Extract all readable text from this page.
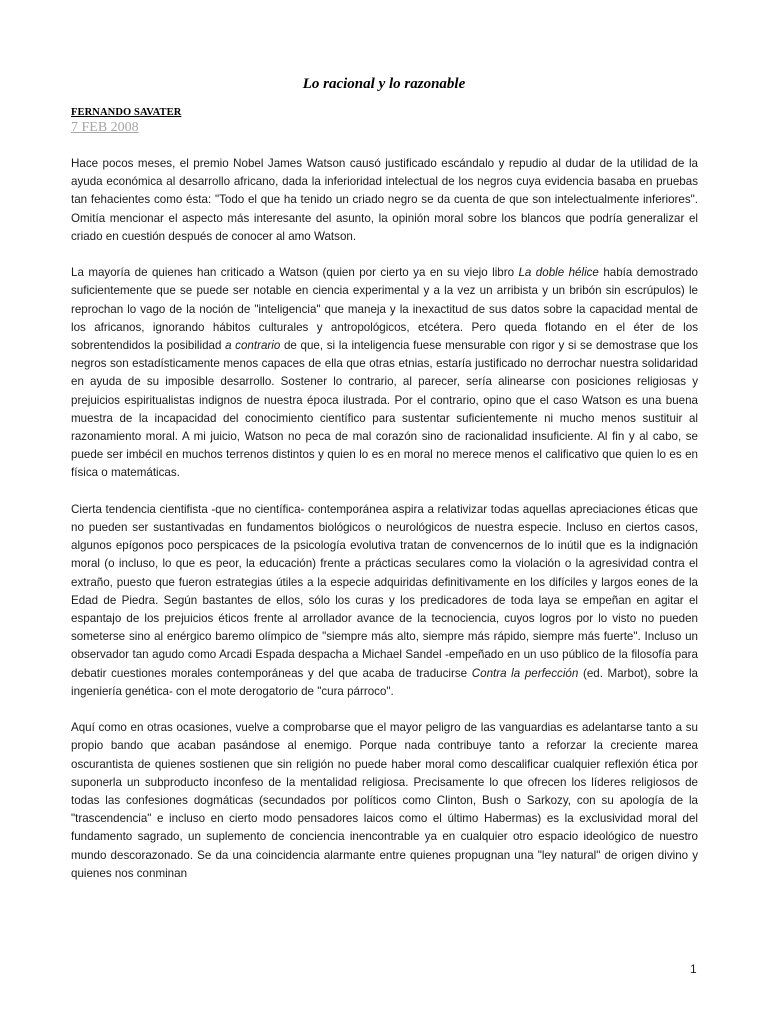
Lo racional y lo razonable
FERNANDO SAVATER
7 FEB 2008

Hace pocos meses, el premio Nobel James Watson causó justificado escándalo y repudio al dudar de la utilidad de la ayuda económica al desarrollo africano, dada la inferioridad intelectual de los negros cuya evidencia basaba en pruebas tan fehacientes como ésta: "Todo el que ha tenido un criado negro se da cuenta de que son intelectualmente inferiores". Omitía mencionar el aspecto más interesante del asunto, la opinión moral sobre los blancos que podría generalizar el criado en cuestión después de conocer al amo Watson.

La mayoría de quienes han criticado a Watson (quien por cierto ya en su viejo libro La doble hélice había demostrado suficientemente que se puede ser notable en ciencia experimental y a la vez un arribista y un bribón sin escrúpulos) le reprochan lo vago de la noción de "inteligencia" que maneja y la inexactitud de sus datos sobre la capacidad mental de los africanos, ignorando hábitos culturales y antropológicos, etcétera. Pero queda flotando en el éter de los sobrentendidos la posibilidad a contrario de que, si la inteligencia fuese mensurable con rigor y si se demostrase que los negros son estadísticamente menos capaces de ella que otras etnias, estaría justificado no derrochar nuestra solidaridad en ayuda de su imposible desarrollo. Sostener lo contrario, al parecer, sería alinearse con posiciones religiosas y prejuicios espiritualistas indignos de nuestra época ilustrada. Por el contrario, opino que el caso Watson es una buena muestra de la incapacidad del conocimiento científico para sustentar suficientemente ni mucho menos sustituir al razonamiento moral. A mi juicio, Watson no peca de mal corazón sino de racionalidad insuficiente. Al fin y al cabo, se puede ser imbécil en muchos terrenos distintos y quien lo es en moral no merece menos el calificativo que quien lo es en física o matemáticas.

Cierta tendencia cientifista -que no científica- contemporánea aspira a relativizar todas aquellas apreciaciones éticas que no pueden ser sustantivadas en fundamentos biológicos o neurológicos de nuestra especie. Incluso en ciertos casos, algunos epígonos poco perspicaces de la psicología evolutiva tratan de convencernos de lo inútil que es la indignación moral (o incluso, lo que es peor, la educación) frente a prácticas seculares como la violación o la agresividad contra el extraño, puesto que fueron estrategias útiles a la especie adquiridas definitivamente en los difíciles y largos eones de la Edad de Piedra. Según bastantes de ellos, sólo los curas y los predicadores de toda laya se empeñan en agitar el espantajo de los prejuicios éticos frente al arrollador avance de la tecnociencia, cuyos logros por lo visto no pueden someterse sino al enérgico baremo olímpico de "siempre más alto, siempre más rápido, siempre más fuerte". Incluso un observador tan agudo como Arcadi Espada despacha a Michael Sandel -empeñado en un uso público de la filosofía para debatir cuestiones morales contemporáneas y del que acaba de traducirse Contra la perfección (ed. Marbot), sobre la ingeniería genética- con el mote derogatorio de "cura párroco".

Aquí como en otras ocasiones, vuelve a comprobarse que el mayor peligro de las vanguardias es adelantarse tanto a su propio bando que acaban pasándose al enemigo. Porque nada contribuye tanto a reforzar la creciente marea oscurantista de quienes sostienen que sin religión no puede haber moral como descalificar cualquier reflexión ética por suponerla un subproducto inconfeso de la mentalidad religiosa. Precisamente lo que ofrecen los líderes religiosos de todas las confesiones dogmáticas (secundados por políticos como Clinton, Bush o Sarkozy, con su apología de la "trascendencia" e incluso en cierto modo pensadores laicos como el último Habermas) es la exclusividad moral del fundamento sagrado, un suplemento de conciencia inencontrable ya en cualquier otro espacio ideológico de nuestro mundo descorazonado. Se da una coincidencia alarmante entre quienes propugnan una "ley natural" de origen divino y quienes nos conminan

1
